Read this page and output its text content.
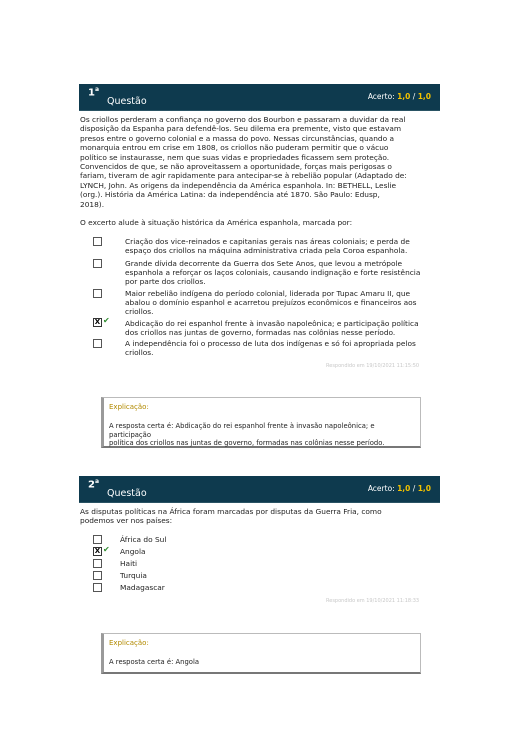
1$^a$
Questão	Acerto: 1,0 / 1,0
Os criollos perderam a confiança no governo dos Bourbon e passaram a duvidar da real
disposição da Espanha para defendê-los. Seu dilema era premente, visto que estavam
presos entre o governo colonial e a massa do povo. Nessas circunstâncias, quando a
monarquia entrou em crise em 1808, os criollos não puderam permitir que o vácuo
político se instaurasse, nem que suas vidas e propriedades ficassem sem proteção.
Convencidos de que, se não aproveitassem a oportunidade, forças mais perigosas o
fariam, tiveram de agir rapidamente para antecipar-se à rebelião popular (Adaptado de:
LYNCH, John. As origens da independência da América espanhola. In: BETHELL, Leslie
(org.). História da América Latina: da independência até 1870. São Paulo: Edusp,
2018).
O excerto alude à situação histórica da América espanhola, marcada por:
Criação dos vice-reinados e capitanias gerais nas áreas coloniais; e perda de
espaço dos criollos na máquina administrativa criada pela Coroa espanhola.
Grande dívida decorrente da Guerra dos Sete Anos, que levou a metrópole
espanhola a reforçar os laços coloniais, causando indignação e forte resistência
por parte dos criollos.
Maior rebelião indígena do período colonial, liderada por Tupac Amaru II, que
abalou o domínio espanhol e acarretou prejuízos econômicos e financeiros aos
criollos.
X ✔ Abdicação do rei espanhol frente à invasão napoleônica; e participação política
dos criollos nas juntas de governo, formadas nas colônias nesse período.
A independência foi o processo de luta dos indígenas e só foi apropriada pelos
criollos.
Respondido em 19/10/2021 11:15:50
Explicação:
A resposta certa é: Abdicação do rei espanhol frente à invasão napoleônica; e participação
política dos criollos nas juntas de governo, formadas nas colônias nesse período.
2$^a$
Questão	Acerto: 1,0 / 1,0
As disputas políticas na África foram marcadas por disputas da Guerra Fria, como
podemos ver nos países:
África do Sul
X ✔ Angola
Haiti
Turquia
Madagascar
Respondido em 19/10/2021 11:18:33
Explicação:
A resposta certa é: Angola
